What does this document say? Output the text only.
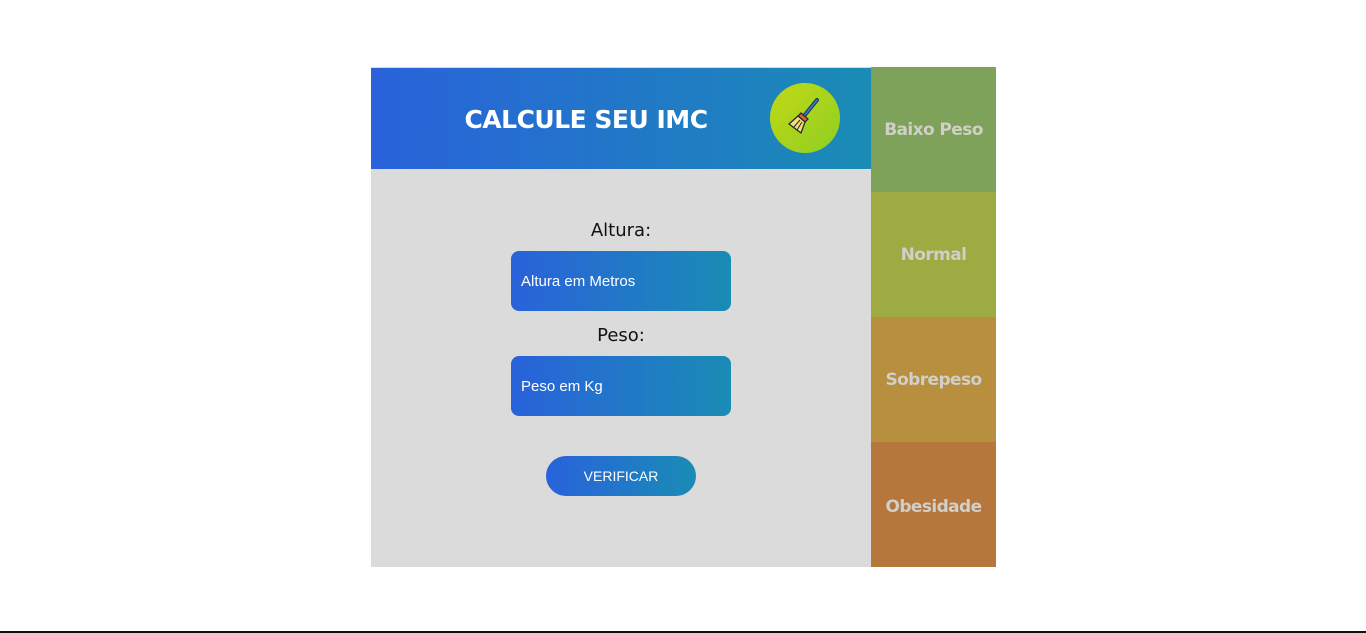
CALCULE SEU IMC
Altura:
Altura em Metros
Peso:
Peso em Kg
VERIFICAR
Baixo Peso
Normal
Sobrepeso
Obesidade
